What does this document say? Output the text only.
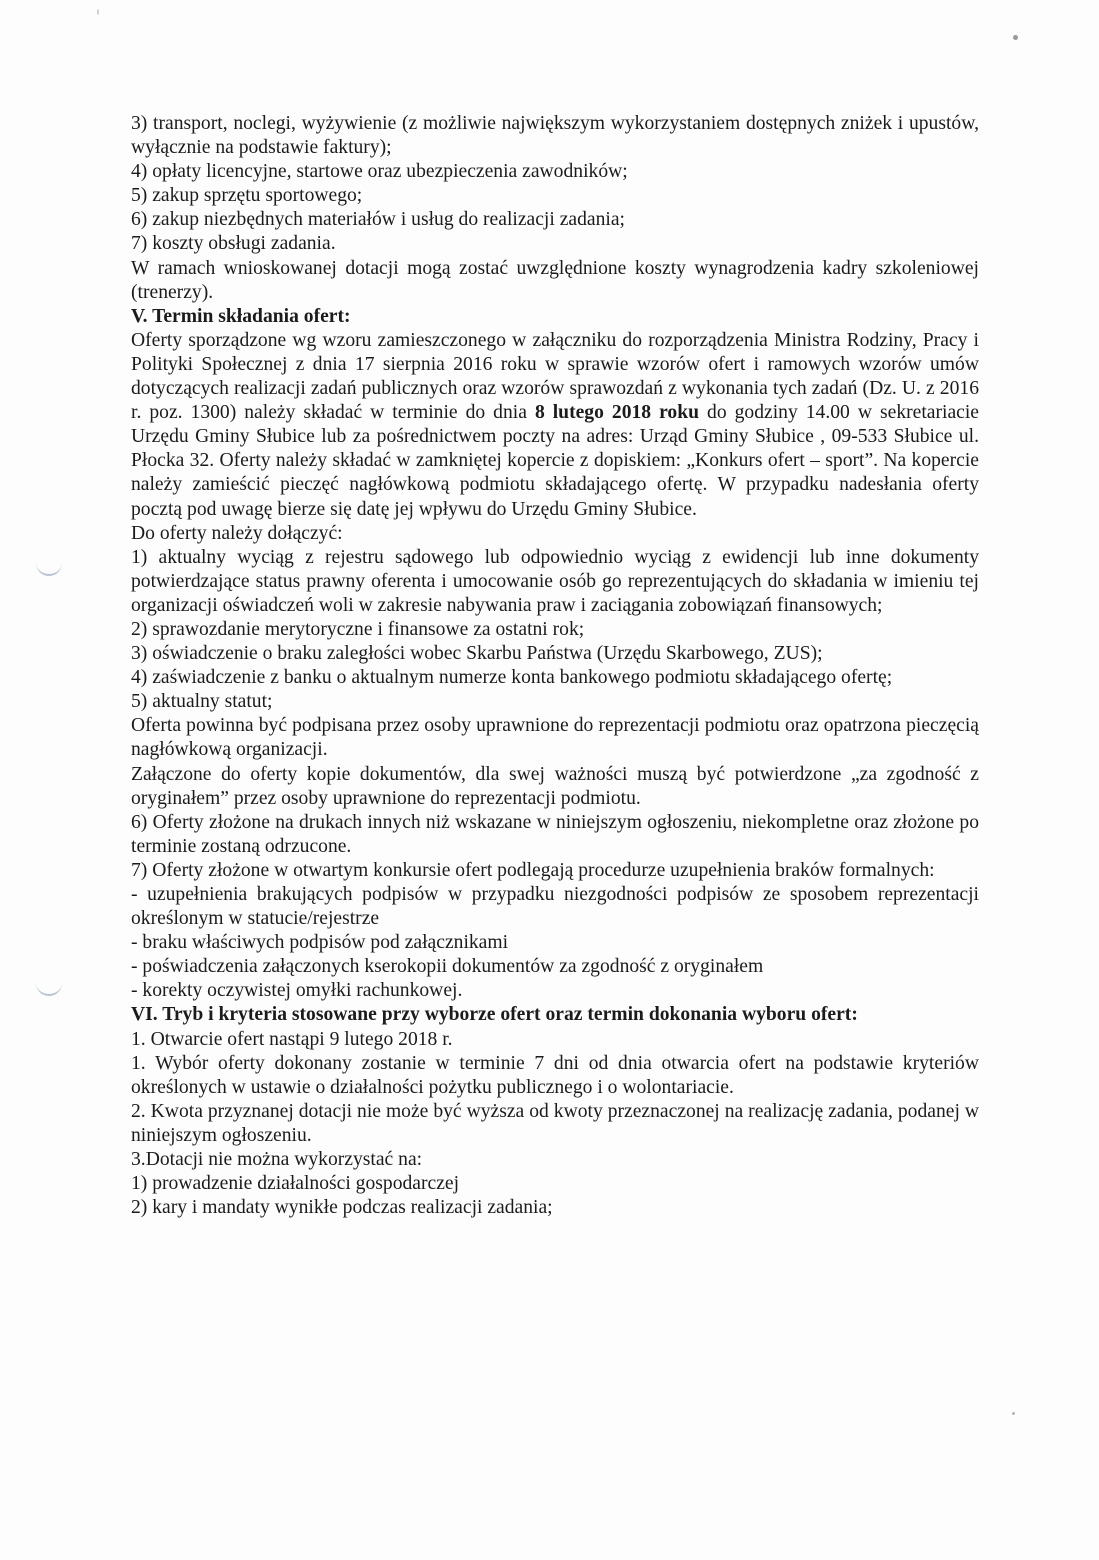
3) transport, noclegi, wyżywienie (z możliwie największym wykorzystaniem dostępnych zniżek i upustów, wyłącznie na podstawie faktury);

4) opłaty licencyjne, startowe oraz ubezpieczenia zawodników;

5) zakup sprzętu sportowego;

6) zakup niezbędnych materiałów i usług do realizacji zadania;

7) koszty obsługi zadania.

W ramach wnioskowanej dotacji mogą zostać uwzględnione koszty wynagrodzenia kadry szkoleniowej (trenerzy).

V. Termin składania ofert:

Oferty sporządzone wg wzoru zamieszczonego w załączniku do rozporządzenia Ministra Rodziny, Pracy i Polityki Społecznej z dnia 17 sierpnia 2016 roku w sprawie wzorów ofert i ramowych wzorów umów dotyczących realizacji zadań publicznych oraz wzorów sprawozdań z wykonania tych zadań (Dz. U. z 2016 r. poz. 1300) należy składać w terminie do dnia 8 lutego 2018 roku do godziny 14.00 w sekretariacie Urzędu Gminy Słubice lub za pośrednictwem poczty na adres: Urząd Gminy Słubice , 09-533 Słubice ul. Płocka 32. Oferty należy składać w zamkniętej kopercie z dopiskiem: „Konkurs ofert – sport”. Na kopercie należy zamieścić pieczęć nagłówkową podmiotu składającego ofertę. W przypadku nadesłania oferty pocztą pod uwagę bierze się datę jej wpływu do Urzędu Gminy Słubice.

Do oferty należy dołączyć:

1) aktualny wyciąg z rejestru sądowego lub odpowiednio wyciąg z ewidencji lub inne dokumenty potwierdzające status prawny oferenta i umocowanie osób go reprezentujących do składania w imieniu tej organizacji oświadczeń woli w zakresie nabywania praw i zaciągania zobowiązań finansowych;

2) sprawozdanie merytoryczne i finansowe za ostatni rok;

3) oświadczenie o braku zaległości wobec Skarbu Państwa (Urzędu Skarbowego, ZUS);

4) zaświadczenie z banku o aktualnym numerze konta bankowego podmiotu składającego ofertę;

5) aktualny statut;

Oferta powinna być podpisana przez osoby uprawnione do reprezentacji podmiotu oraz opatrzona pieczęcią nagłówkową organizacji.

Załączone do oferty kopie dokumentów, dla swej ważności muszą być potwierdzone „za zgodność z oryginałem” przez osoby uprawnione do reprezentacji podmiotu.

6) Oferty złożone na drukach innych niż wskazane w niniejszym ogłoszeniu, niekompletne oraz złożone po terminie zostaną odrzucone.

7) Oferty złożone w otwartym konkursie ofert podlegają procedurze uzupełnienia braków formalnych:

- uzupełnienia brakujących podpisów w przypadku niezgodności podpisów ze sposobem reprezentacji określonym w statucie/rejestrze

- braku właściwych podpisów pod załącznikami

- poświadczenia załączonych kserokopii dokumentów za zgodność z oryginałem

- korekty oczywistej omyłki rachunkowej.

VI. Tryb i kryteria stosowane przy wyborze ofert oraz termin dokonania wyboru ofert:

1. Otwarcie ofert nastąpi 9 lutego 2018 r.

1. Wybór oferty dokonany zostanie w terminie 7 dni od dnia otwarcia ofert na podstawie kryteriów określonych w ustawie o działalności pożytku publicznego i o wolontariacie.

2. Kwota przyznanej dotacji nie może być wyższa od kwoty przeznaczonej na realizację zadania, podanej w niniejszym ogłoszeniu.

3.Dotacji nie można wykorzystać na:

1) prowadzenie działalności gospodarczej

2) kary i mandaty wynikłe podczas realizacji zadania;
